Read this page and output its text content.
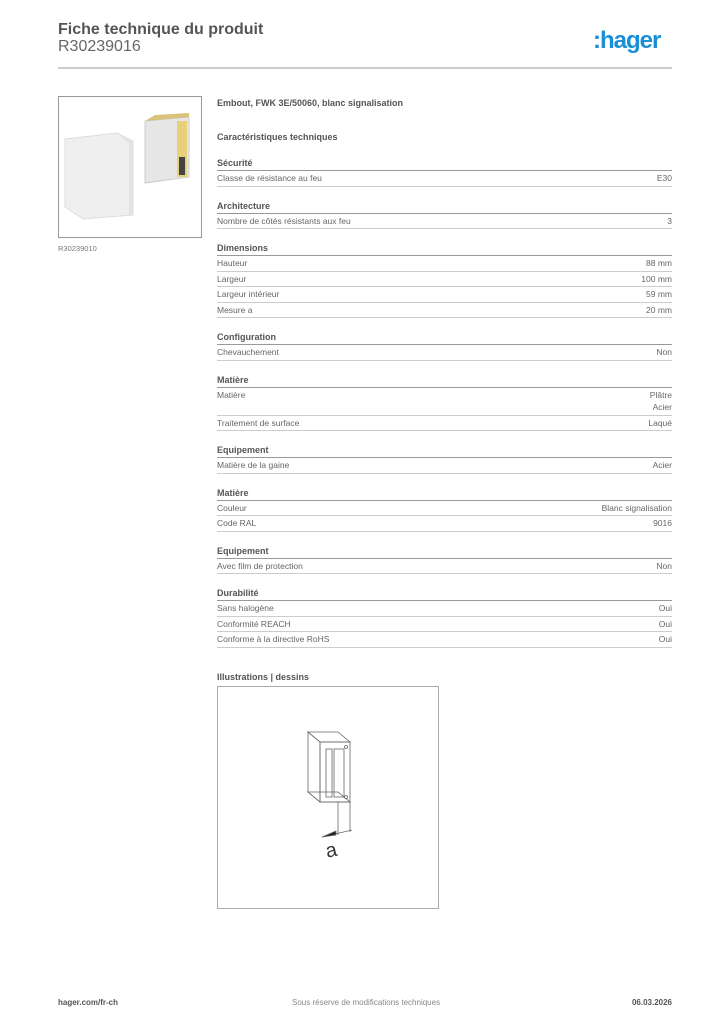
Fiche technique du produit
R30239016	:hager
R30239010
Embout, FWK 3E/50060, blanc signalisation
Caractéristiques techniques
Sécurité
Classe de résistance au feu	E30
Architecture
Nombre de côtés résistants aux feu	3
Dimensions
Hauteur	88 mm
Largeur	100 mm
Largeur intérieur	59 mm
Mesure a	20 mm
Configuration
Chevauchement	Non
Matière
Matière	Plâtre
Acier
Traitement de surface	Laqué
Equipement
Matière de la gaine	Acier
Matière
Couleur	Blanc signalisation
Code RAL	9016
Equipement
Avec film de protection	Non
Durabilité
Sans halogène	Oui
Conformité REACH	Oui
Conforme à la directive RoHS	Oui
Illustrations | dessins
a
hager.com/fr-ch	Sous réserve de modifications techniques	06.03.2026
